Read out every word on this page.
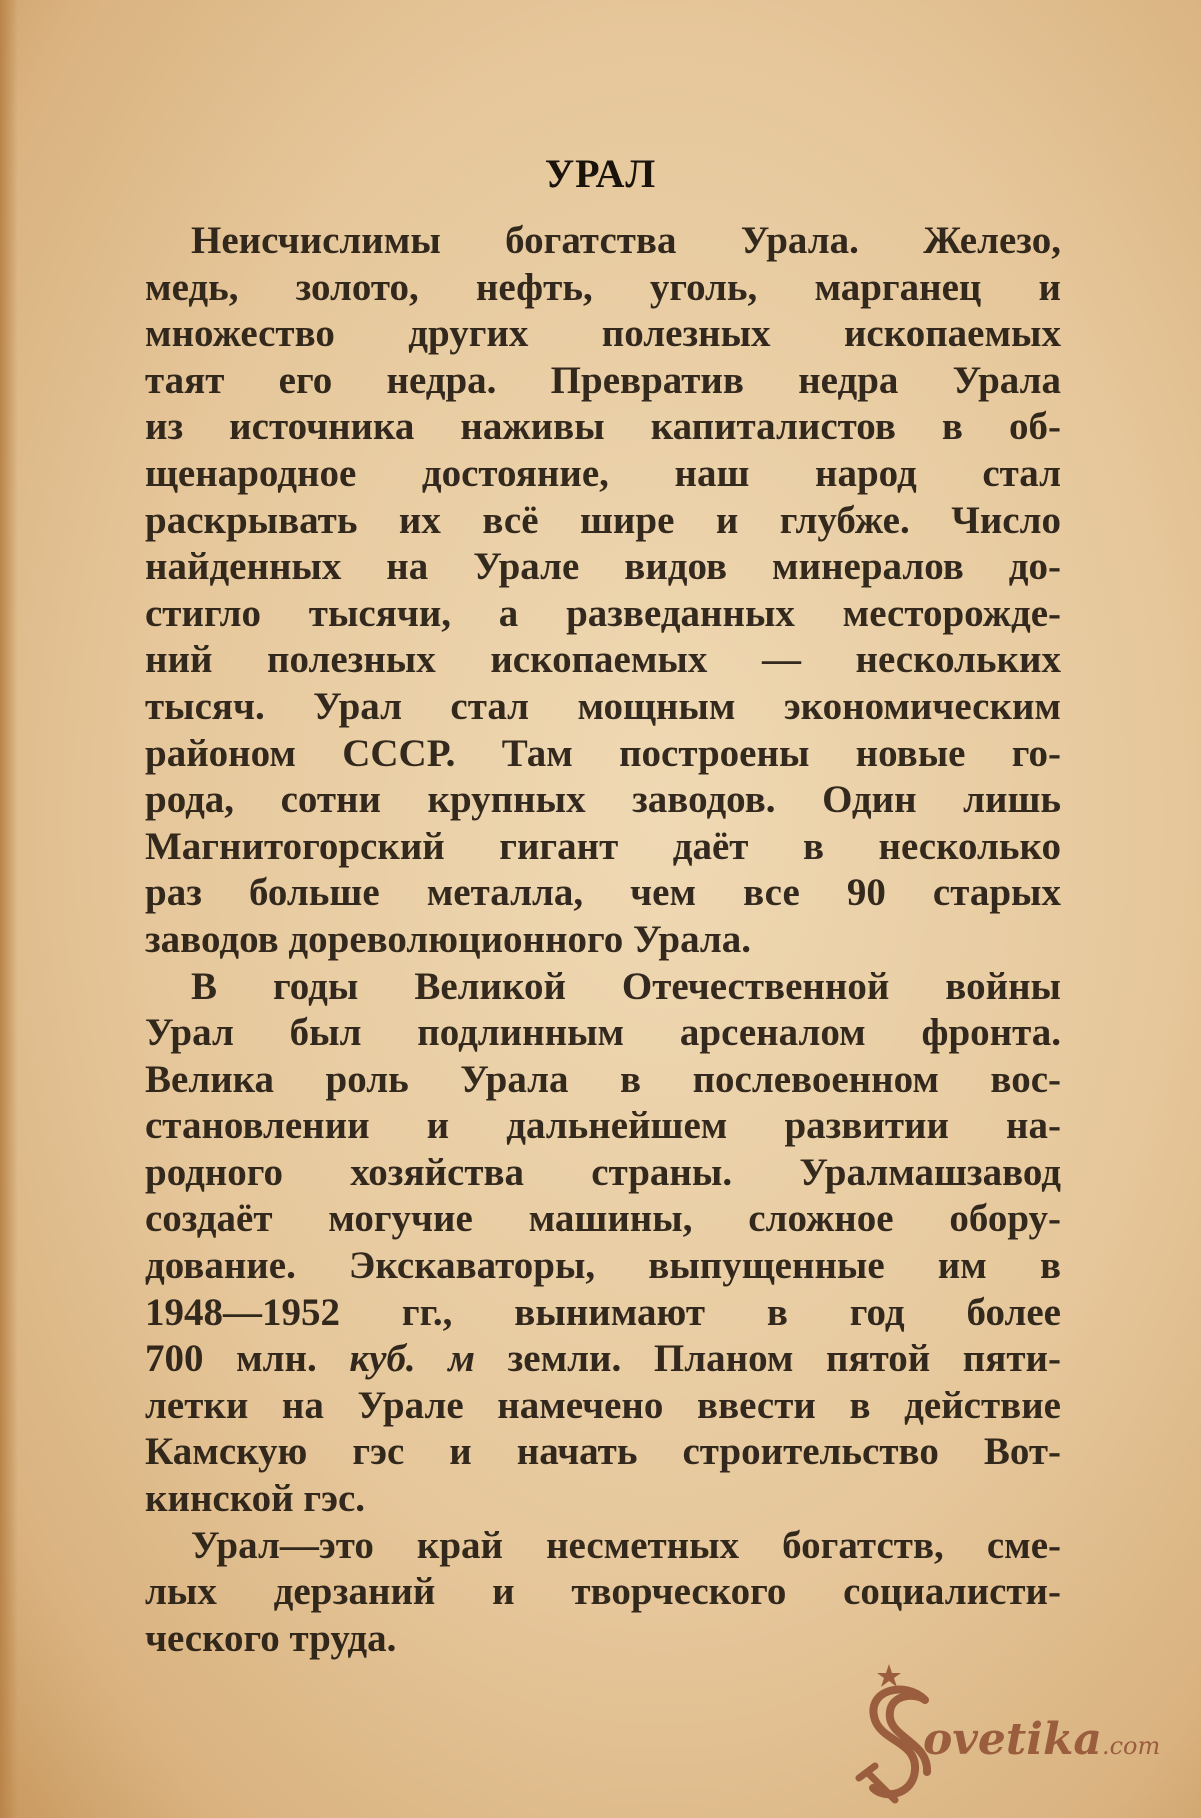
УРАЛ
Неисчислимы богатства Урала. Железо,
медь, золото, нефть, уголь, марганец и
множество других полезных ископаемых
таят его недра. Превратив недра Урала
из источника наживы капиталистов в об-
щенародное достояние, наш народ стал
раскрывать их всё шире и глубже. Число
найденных на Урале видов минералов до-
стигло тысячи, а разведанных месторожде-
ний полезных ископаемых — нескольких
тысяч. Урал стал мощным экономическим
районом СССР. Там построены новые го-
рода, сотни крупных заводов. Один лишь
Магнитогорский гигант даёт в несколько
раз больше металла, чем все 90 старых
заводов дореволюционного Урала.
В годы Великой Отечественной войны
Урал был подлинным арсеналом фронта.
Велика роль Урала в послевоенном вос-
становлении и дальнейшем развитии на-
родного хозяйства страны. Уралмашзавод
создаёт могучие машины, сложное обору-
дование. Экскаваторы, выпущенные им в
1948—1952 гг., вынимают в год более
700 млн. куб. м земли. Планом пятой пяти-
летки на Урале намечено ввести в действие
Камскую гэс и начать строительство Вот-
кинской гэс.
Урал—это край несметных богатств, сме-
лых дерзаний и творческого социалисти-
ческого труда.
ovetika.com
